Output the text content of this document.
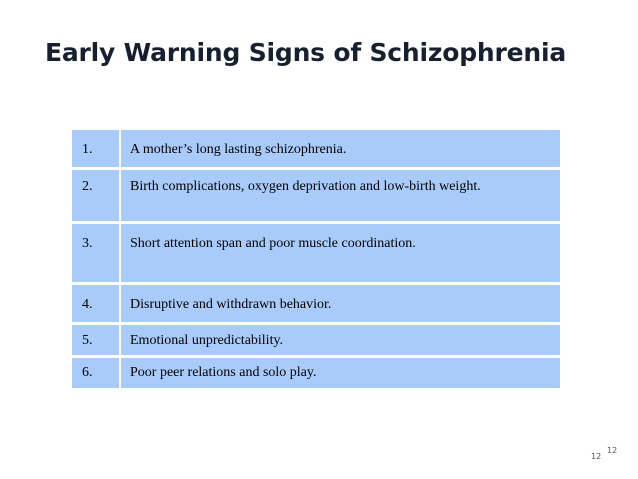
Early Warning Signs of Schizophrenia
1.	A mother’s long lasting schizophrenia.
2.	Birth complications, oxygen deprivation and low-birth weight.
3.	Short attention span and poor muscle coordination.
4.	Disruptive and withdrawn behavior.
5.	Emotional unpredictability.
6.	Poor peer relations and solo play.
12
12
